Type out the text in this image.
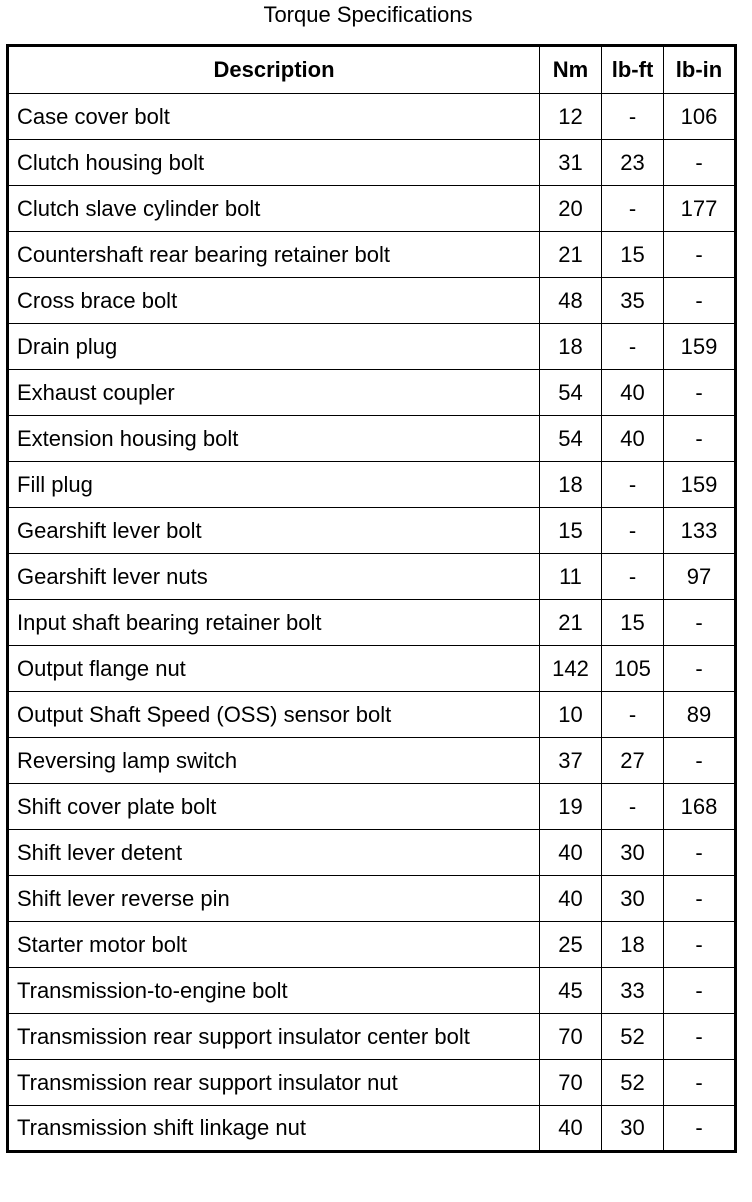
Torque Specifications
Description	Nm	lb-ft	lb-in
Case cover bolt	12	-	106
Clutch housing bolt	31	23	-
Clutch slave cylinder bolt	20	-	177
Countershaft rear bearing retainer bolt	21	15	-
Cross brace bolt	48	35	-
Drain plug	18	-	159
Exhaust coupler	54	40	-
Extension housing bolt	54	40	-
Fill plug	18	-	159
Gearshift lever bolt	15	-	133
Gearshift lever nuts	11	-	97
Input shaft bearing retainer bolt	21	15	-
Output flange nut	142	105	-
Output Shaft Speed (OSS) sensor bolt	10	-	89
Reversing lamp switch	37	27	-
Shift cover plate bolt	19	-	168
Shift lever detent	40	30	-
Shift lever reverse pin	40	30	-
Starter motor bolt	25	18	-
Transmission-to-engine bolt	45	33	-
Transmission rear support insulator center bolt	70	52	-
Transmission rear support insulator nut	70	52	-
Transmission shift linkage nut	40	30	-
